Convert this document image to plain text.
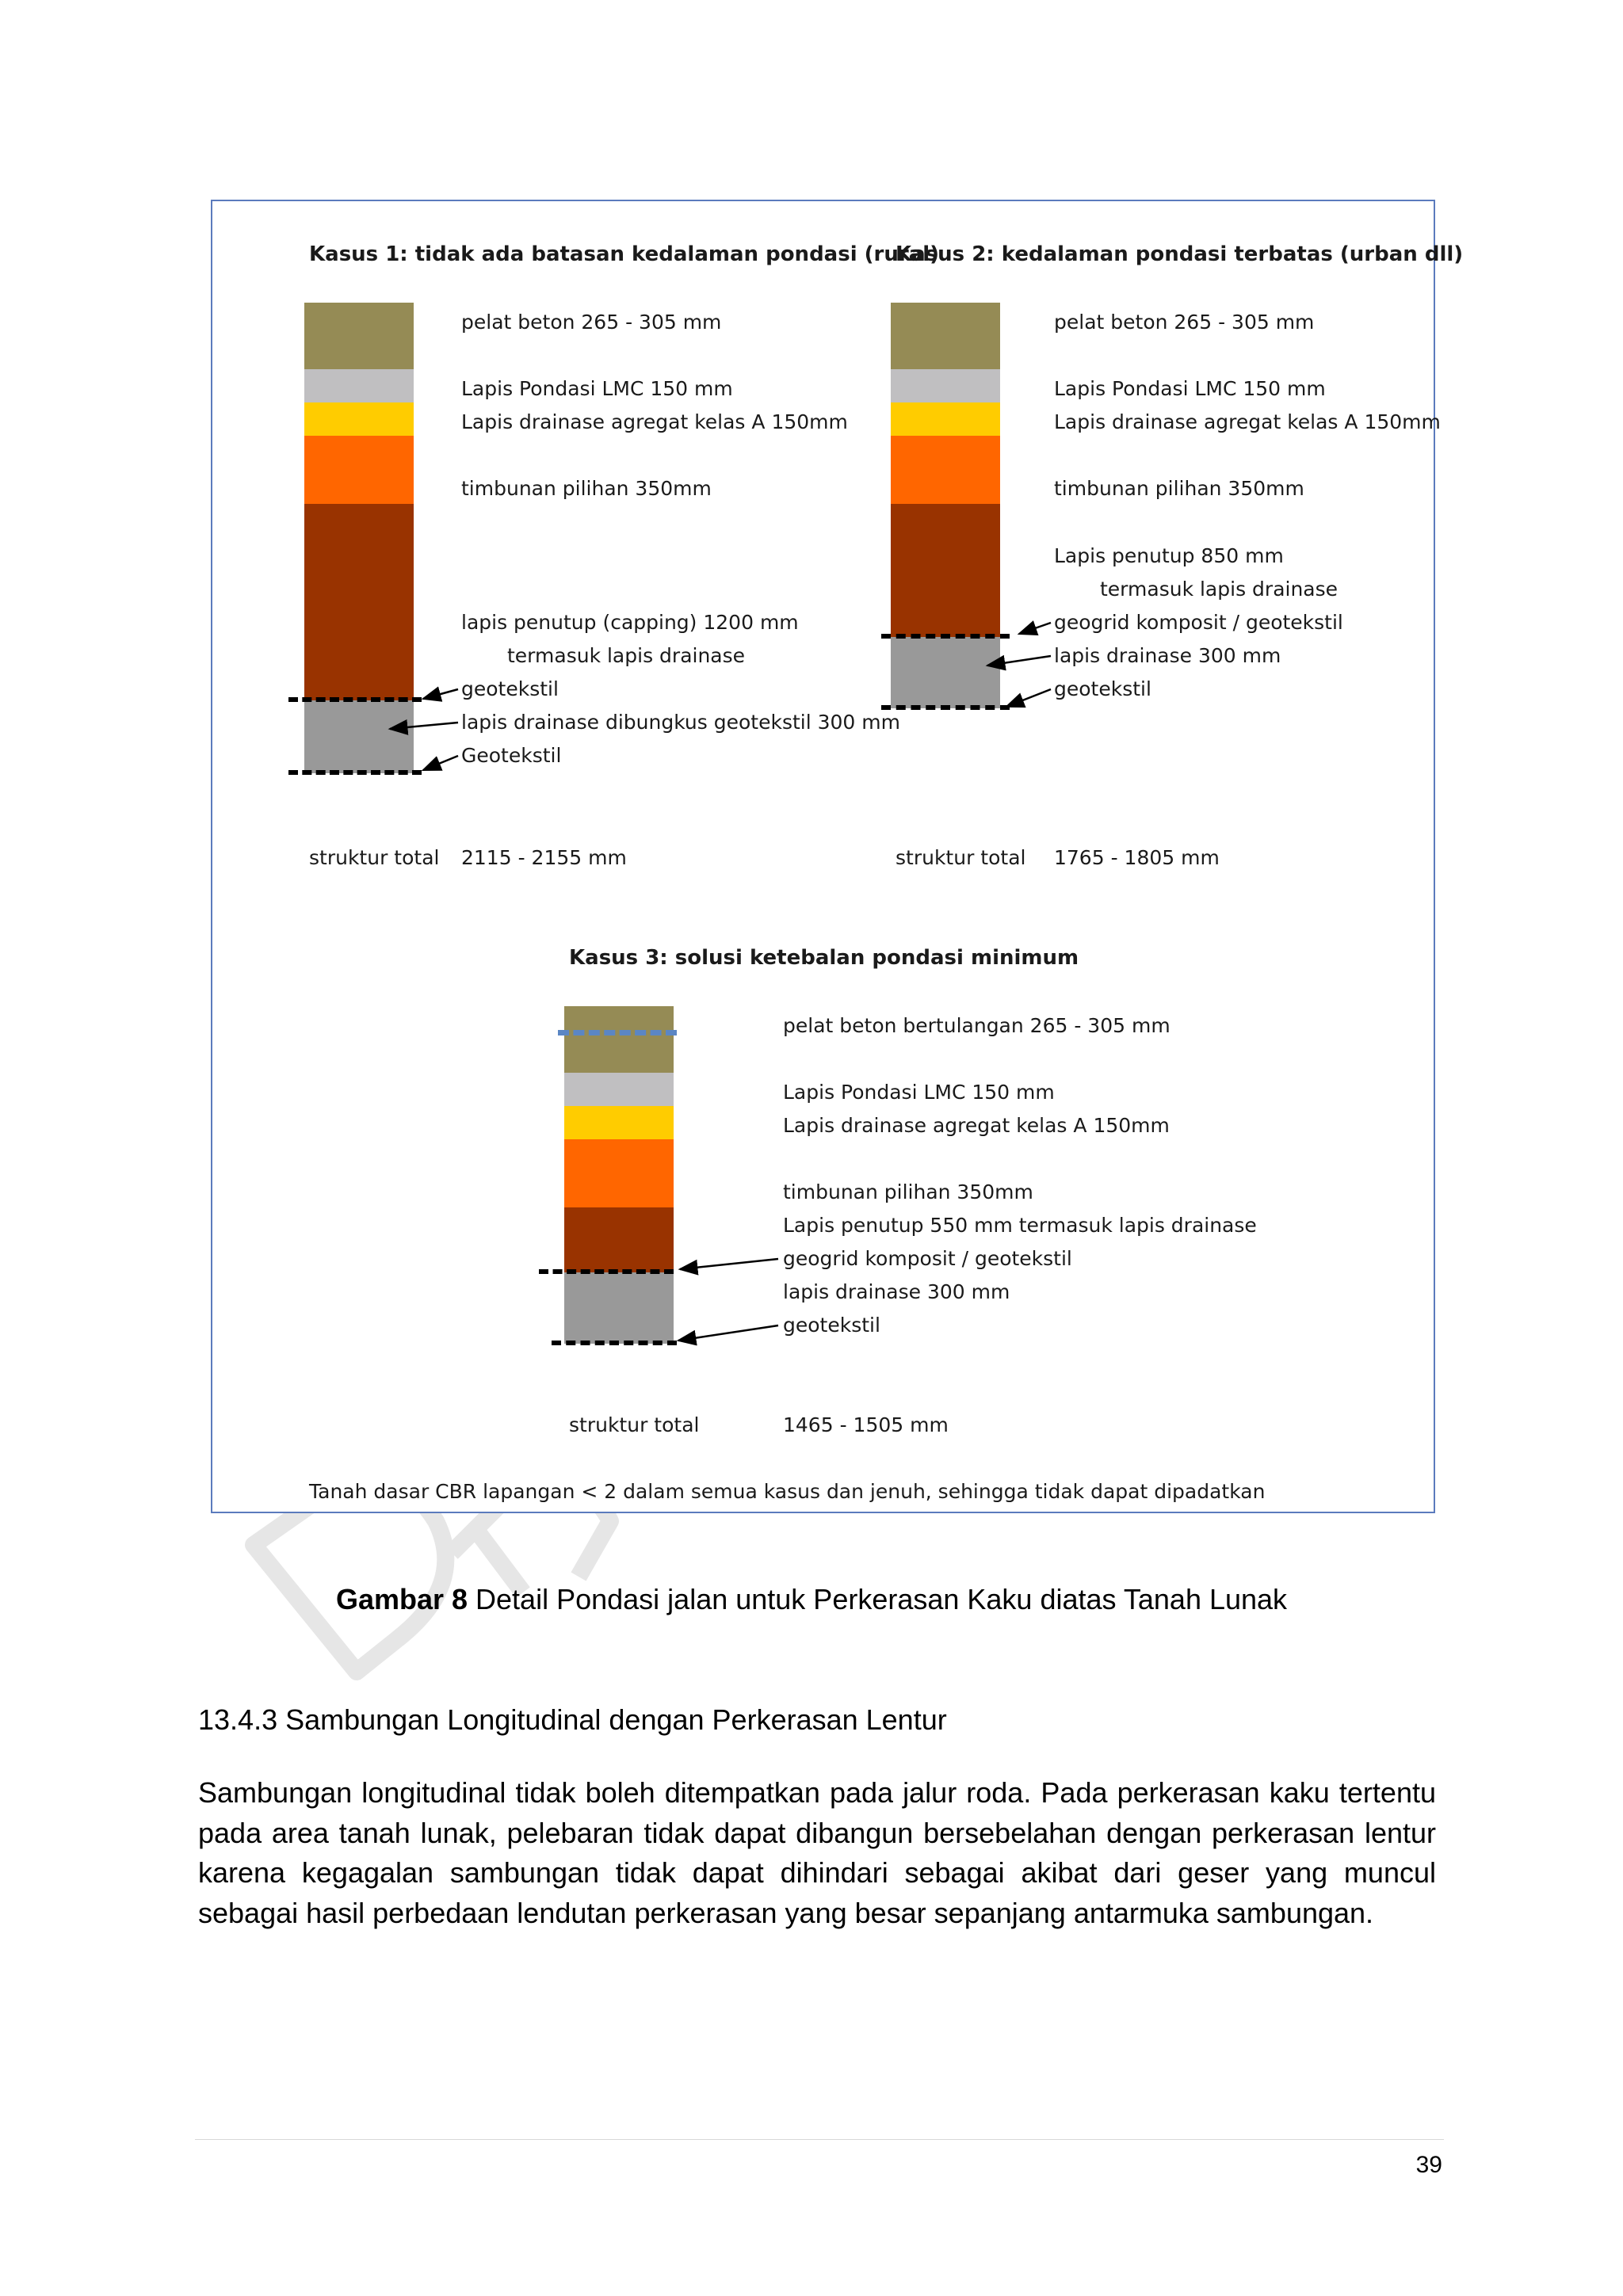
Kasus 1: tidak ada batasan kedalaman pondasi (rural)
pelat beton 265 - 305 mm
Lapis Pondasi LMC 150 mm
Lapis drainase agregat kelas A 150mm
timbunan pilihan 350mm
lapis penutup (capping) 1200 mm
termasuk lapis drainase
geotekstil
lapis drainase dibungkus geotekstil 300 mm
Geotekstil
struktur total 2115 - 2155 mm
Kasus 2: kedalaman pondasi terbatas (urban dll)
pelat beton 265 - 305 mm
Lapis Pondasi LMC 150 mm
Lapis drainase agregat kelas A 150mm
timbunan pilihan 350mm
Lapis penutup 850 mm
termasuk lapis drainase
geogrid komposit / geotekstil
lapis drainase 300 mm
geotekstil
struktur total 1765 - 1805 mm
Kasus 3: solusi ketebalan pondasi minimum
pelat beton bertulangan 265 - 305 mm
Lapis Pondasi LMC 150 mm
Lapis drainase agregat kelas A 150mm
timbunan pilihan 350mm
Lapis penutup 550 mm termasuk lapis drainase
geogrid komposit / geotekstil
lapis drainase 300 mm
geotekstil
struktur total	1465 - 1505 mm
Tanah dasar CBR lapangan < 2 dalam semua kasus dan jenuh, sehingga tidak dapat dipadatkan
Gambar 8 Detail Pondasi jalan untuk Perkerasan Kaku diatas Tanah Lunak
13.4.3 Sambungan Longitudinal dengan Perkerasan Lentur
Sambungan longitudinal tidak boleh ditempatkan pada jalur roda. Pada perkerasan kaku tertentu pada area tanah lunak, pelebaran tidak dapat dibangun bersebelahan dengan perkerasan lentur karena kegagalan sambungan tidak dapat dihindari sebagai akibat dari geser yang muncul sebagai hasil perbedaan lendutan perkerasan yang besar sepanjang antarmuka sambungan.
39
